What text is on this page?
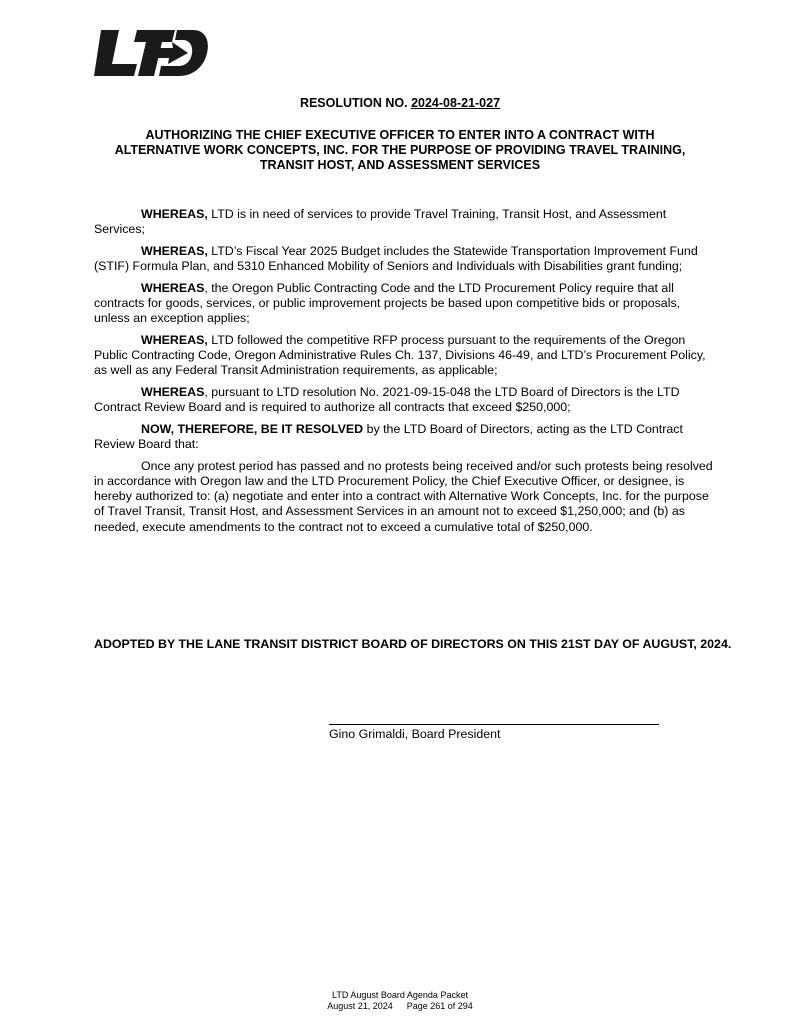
RESOLUTION NO. 2024-08-21-027
AUTHORIZING THE CHIEF EXECUTIVE OFFICER TO ENTER INTO A CONTRACT WITH
ALTERNATIVE WORK CONCEPTS, INC. FOR THE PURPOSE OF PROVIDING TRAVEL TRAINING,
TRANSIT HOST, AND ASSESSMENT SERVICES

WHEREAS, LTD is in need of services to provide Travel Training, Transit Host, and Assessment Services;

WHEREAS, LTD’s Fiscal Year 2025 Budget includes the Statewide Transportation Improvement Fund (STIF) Formula Plan, and 5310 Enhanced Mobility of Seniors and Individuals with Disabilities grant funding;

WHEREAS, the Oregon Public Contracting Code and the LTD Procurement Policy require that all contracts for goods, services, or public improvement projects be based upon competitive bids or proposals, unless an exception applies;

WHEREAS, LTD followed the competitive RFP process pursuant to the requirements of the Oregon Public Contracting Code, Oregon Administrative Rules Ch. 137, Divisions 46-49, and LTD’s Procurement Policy, as well as any Federal Transit Administration requirements, as applicable;

WHEREAS, pursuant to LTD resolution No. 2021-09-15-048 the LTD Board of Directors is the LTD Contract Review Board and is required to authorize all contracts that exceed $250,000;

NOW, THEREFORE, BE IT RESOLVED by the LTD Board of Directors, acting as the LTD Contract Review Board that:

Once any protest period has passed and no protests being received and/or such protests being resolved in accordance with Oregon law and the LTD Procurement Policy, the Chief Executive Officer, or designee, is hereby authorized to: (a) negotiate and enter into a contract with Alternative Work Concepts, Inc. for the purpose of Travel Transit, Transit Host, and Assessment Services in an amount not to exceed $1,250,000; and (b) as needed, execute amendments to the contract not to exceed a cumulative total of $250,000.

ADOPTED BY THE LANE TRANSIT DISTRICT BOARD OF DIRECTORS ON THIS 21ST DAY OF AUGUST, 2024.
Gino Grimaldi, Board President
LTD August Board Agenda Packet
August 21, 2024 Page 261 of 294
